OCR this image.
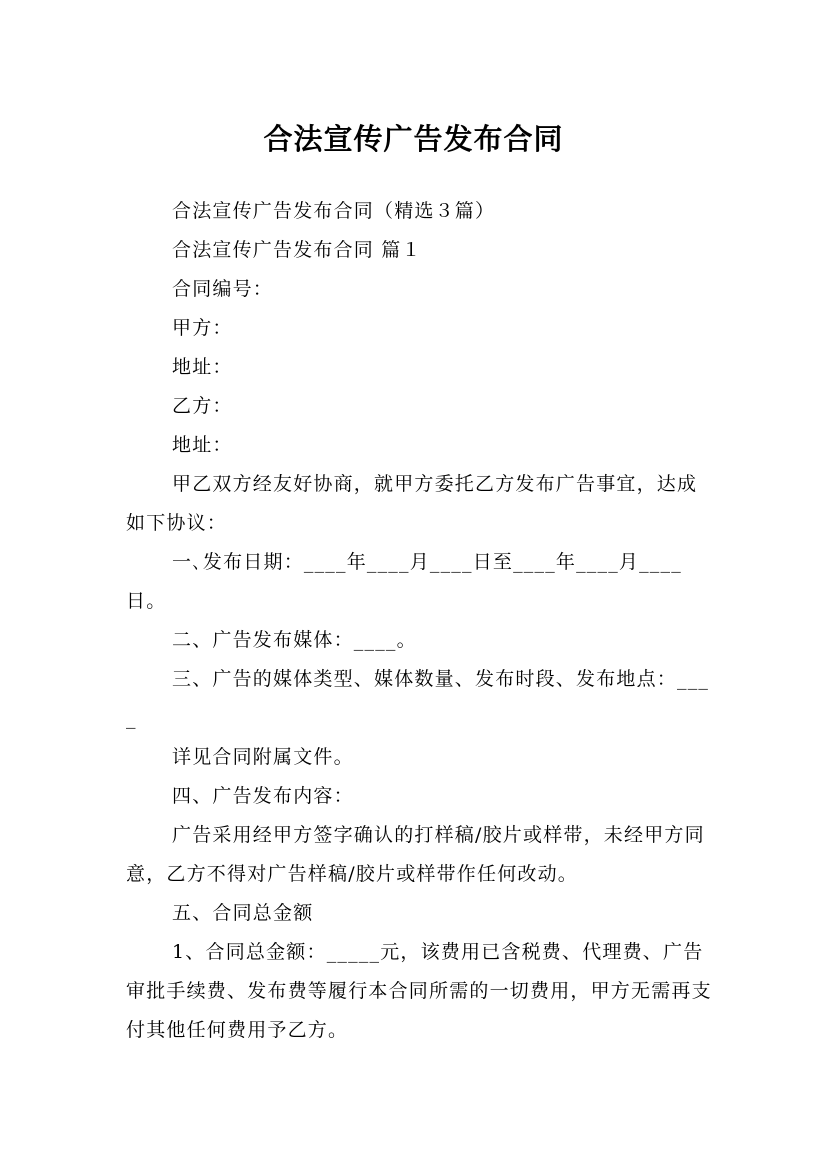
合法宣传广告发布合同

合法宣传广告发布合同（精选３篇）

合法宣传广告发布合同 篇１

合同编号：

甲方：

地址：

乙方：

地址：

甲乙双方经友好协商，就甲方委托乙方发布广告事宜，达成如下协议：

一､发布日期：____年____月____日至____年____月____日。

二、广告发布媒体：____。

三、广告的媒体类型、媒体数量、发布时段、发布地点：____

详见合同附属文件。

四、广告发布内容：

广告采用经甲方签字确认的打样稿/胶片或样带，未经甲方同意，乙方不得对广告样稿/胶片或样带作任何改动。

五、合同总金额

1、合同总金额：_____元，该费用已含税费、代理费、广告审批手续费、发布费等履行本合同所需的一切费用，甲方无需再支付其他任何费用予乙方。
